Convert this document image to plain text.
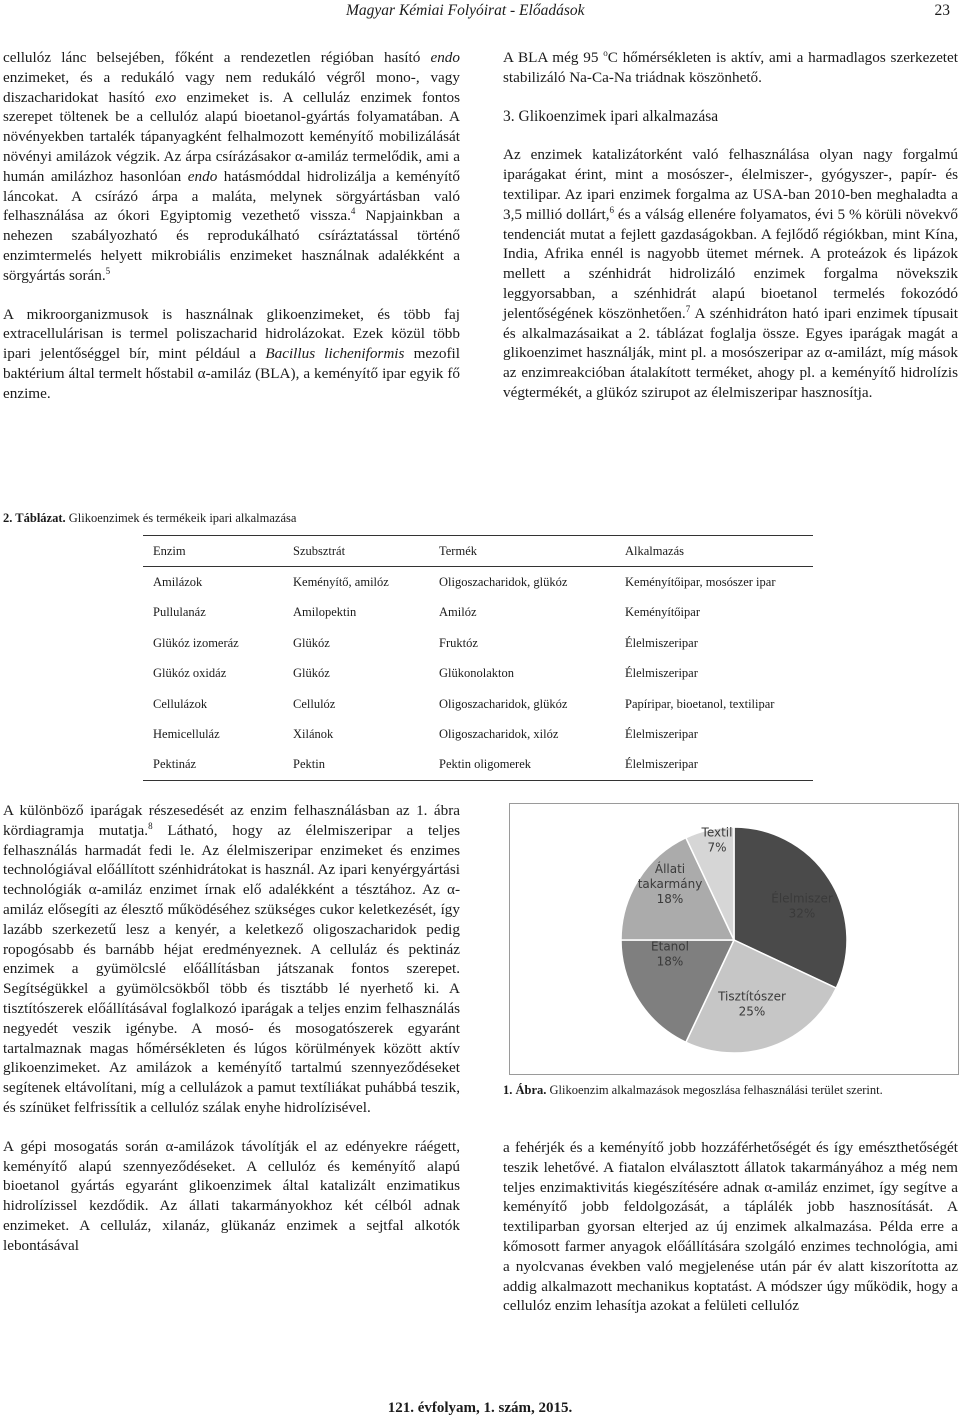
Magyar Kémiai Folyóirat - Előadások	23

cellulóz lánc belsejében, főként a rendezetlen régióban hasító endo enzimeket, és a redukáló vagy nem redukáló végről mono-, vagy diszacharidokat hasító exo enzimeket is. A celluláz enzimek fontos szerepet töltenek be a cellulóz alapú bioetanol-gyártás folyamatában. A növényekben tartalék tápanyagként felhalmozott keményítő mobilizálását növényi amilázok végzik. Az árpa csírázásakor α-amiláz termelődik, ami a humán amilázhoz hasonlóan endo hatásmóddal hidrolizálja a keményítő láncokat. A csírázó árpa a maláta, melynek sörgyártásban való felhasználása az ókori Egyiptomig vezethető vissza.$^4$ Napjainkban a nehezen szabályozható és reprodukálható csíráztatással történő enzimtermelés helyett mikrobiális enzimeket használnak adalékként a sörgyártás során.$^5$

A mikroorganizmusok is használnak glikoenzimeket, és több faj extracellulárisan is termel poliszacharid hidrolázokat. Ezek közül több ipari jelentőséggel bír, mint például a Bacillus licheniformis mezofil baktérium által termelt hőstabil α-amiláz (BLA), a keményítő ipar egyik fő enzime.

A BLA még 95 $^o$C hőmérsékleten is aktív, ami a harmadlagos szerkezetet stabilizáló Na-Ca-Na triádnak köszönhető.

3. Glikoenzimek ipari alkalmazása

Az enzimek katalizátorként való felhasználása olyan nagy forgalmú iparágakat érint, mint a mosószer-, élelmiszer-, gyógyszer-, papír- és textilipar. Az ipari enzimek forgalma az USA-ban 2010-ben meghaladta a 3,5 millió dollárt,$^6$ és a válság ellenére folyamatos, évi 5 % körüli növekvő tendenciát mutat a fejlett gazdaságokban. A fejlődő régiókban, mint Kína, India, Afrika ennél is nagyobb ütemet mérnek. A proteázok és lipázok mellett a szénhidrát hidrolizáló enzimek forgalma növekszik leggyorsabban, a szénhidrát alapú bioetanol termelés fokozódó jelentőségének köszönhetően.$^7$ A szénhidráton ható ipari enzimek típusait és alkalmazásaikat a 2. táblázat foglalja össze. Egyes iparágak magát a glikoenzimet használják, mint pl. a mosószeripar az α-amilázt, míg mások az enzimreakcióban átalakított terméket, ahogy pl. a keményítő hidrolízis végtermékét, a glükóz szirupot az élelmiszeripar hasznosítja.

2. Táblázat. Glikoenzimek és termékeik ipari alkalmazása
Enzim	Szubsztrát	Termék	Alkalmazás
Amilázok	Keményítő, amilóz	Oligoszacharidok, glükóz	Keményítőipar, mosószer ipar
Pullulanáz	Amilopektin	Amilóz	Keményítőipar
Glükóz izomeráz	Glükóz	Fruktóz	Élelmiszeripar
Glükóz oxidáz	Glükóz	Glükonolakton	Élelmiszeripar
Cellulázok	Cellulóz	Oligoszacharidok, glükóz	Papíripar, bioetanol, textilipar
Hemicelluláz	Xilánok	Oligoszacharidok, xilóz	Élelmiszeripar
Pektináz	Pektin	Pektin oligomerek	Élelmiszeripar

A különböző iparágak részesedését az enzim felhasználásban az 1. ábra kördiagramja mutatja.$^8$ Látható, hogy az élelmiszeripar a teljes felhasználás harmadát fedi le. Az élelmiszeripar enzimeket és enzimes technológiával előállított szénhidrátokat is használ. Az ipari kenyérgyártási technológiák α-amiláz enzimet írnak elő adalékként a tésztához. Az α-amiláz elősegíti az élesztő működéséhez szükséges cukor keletkezését, így lazább szerkezetű lesz a kenyér, a keletkező oligoszacharidok pedig ropogósabb és barnább héjat eredményeznek. A celluláz és pektináz enzimek a gyümölcslé előállításban játszanak fontos szerepet. Segítségükkel a gyümölcsökből több és tisztább lé nyerhető ki. A tisztítószerek előállításával foglalkozó iparágak a teljes enzim felhasználás negyedét veszik igénybe. A mosó- és mosogatószerek egyaránt tartalmaznak magas hőmérsékleten és lúgos körülmények között aktív glikoenzimeket. Az amilázok a keményítő tartalmú szennyeződéseket segítenek eltávolítani, míg a cellulázok a pamut textíliákat puhábbá teszik, és színüket felfrissítik a cellulóz szálak enyhe hidrolízisével.

A gépi mosogatás során α-amilázok távolítják el az edényekre ráégett, keményítő alapú szennyeződéseket. A cellulóz és keményítő alapú bioetanol gyártás egyaránt glikoenzimek által katalizált enzimatikus hidrolízissel kezdődik. Az állati takarmányokhoz két célból adnak enzimeket. A celluláz, xilanáz, glükanáz enzimek a sejtfal alkotók lebontásával

Élelmiszer
32%
Tisztítószer
25%
Etanol
18%
Állati
takarmány
18%
Textil
7%
1. Ábra. Glikoenzim alkalmazások megoszlása felhasználási terület szerint.

a fehérjék és a keményítő jobb hozzáférhetőségét és így emészthetőségét teszik lehetővé. A fiatalon elválasztott állatok takarmányához a még nem teljes enzimaktivitás kiegészítésére adnak α-amiláz enzimet, így segítve a keményítő jobb feldolgozását, a táplálék jobb hasznosítását. A textiliparban gyorsan elterjed az új enzimek alkalmazása. Példa erre a kőmosott farmer anyagok előállítására szolgáló enzimes technológia, ami a nyolcvanas években való megjelenése után pár év alatt kiszorította az addig alkalmazott mechanikus koptatást. A módszer úgy működik, hogy a cellulóz enzim lehasítja azokat a felületi cellulóz

121. évfolyam, 1. szám, 2015.
